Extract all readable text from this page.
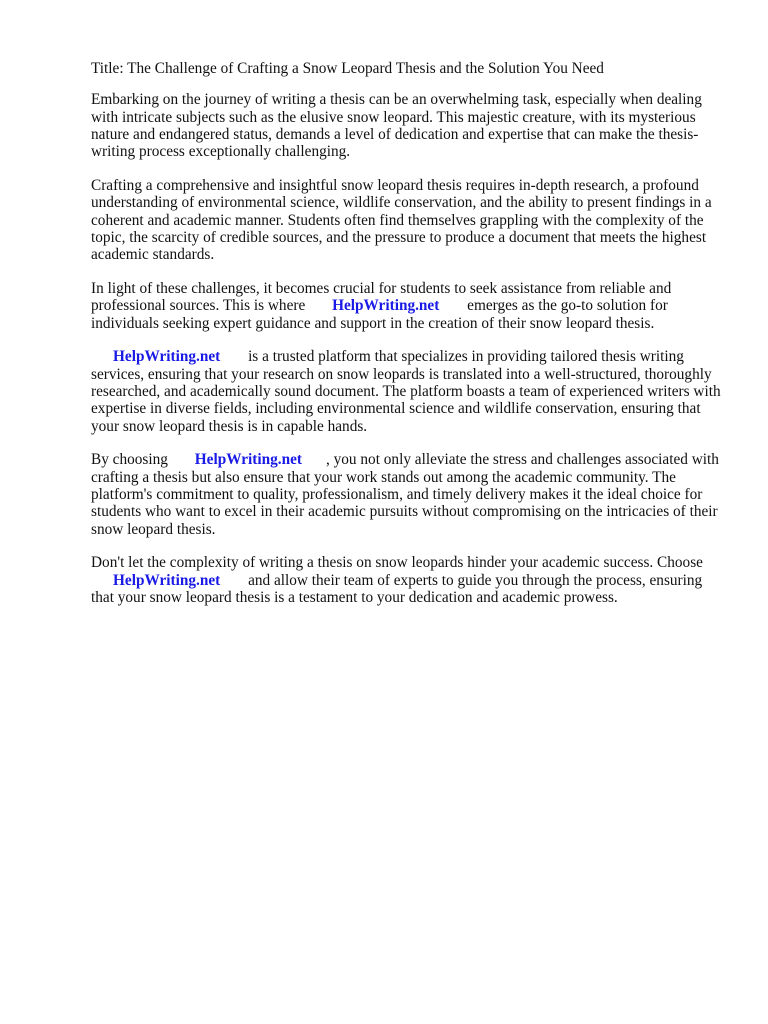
Title: The Challenge of Crafting a Snow Leopard Thesis and the Solution You Need

Embarking on the journey of writing a thesis can be an overwhelming task, especially when dealing with intricate subjects such as the elusive snow leopard. This majestic creature, with its mysterious nature and endangered status, demands a level of dedication and expertise that can make the thesis-writing process exceptionally challenging.

Crafting a comprehensive and insightful snow leopard thesis requires in-depth research, a profound understanding of environmental science, wildlife conservation, and the ability to present findings in a coherent and academic manner. Students often find themselves grappling with the complexity of the topic, the scarcity of credible sources, and the pressure to produce a document that meets the highest academic standards.

In light of these challenges, it becomes crucial for students to seek assistance from reliable and professional sources. This is where HelpWriting.net emerges as the go-to solution for individuals seeking expert guidance and support in the creation of their snow leopard thesis.

HelpWriting.net is a trusted platform that specializes in providing tailored thesis writing services, ensuring that your research on snow leopards is translated into a well-structured, thoroughly researched, and academically sound document. The platform boasts a team of experienced writers with expertise in diverse fields, including environmental science and wildlife conservation, ensuring that your snow leopard thesis is in capable hands.

By choosing HelpWriting.net , you not only alleviate the stress and challenges associated with crafting a thesis but also ensure that your work stands out among the academic community. The platform's commitment to quality, professionalism, and timely delivery makes it the ideal choice for students who want to excel in their academic pursuits without compromising on the intricacies of their snow leopard thesis.

Don't let the complexity of writing a thesis on snow leopards hinder your academic success. Choose
HelpWriting.net and allow their team of experts to guide you through the process, ensuring that your snow leopard thesis is a testament to your dedication and academic prowess.
